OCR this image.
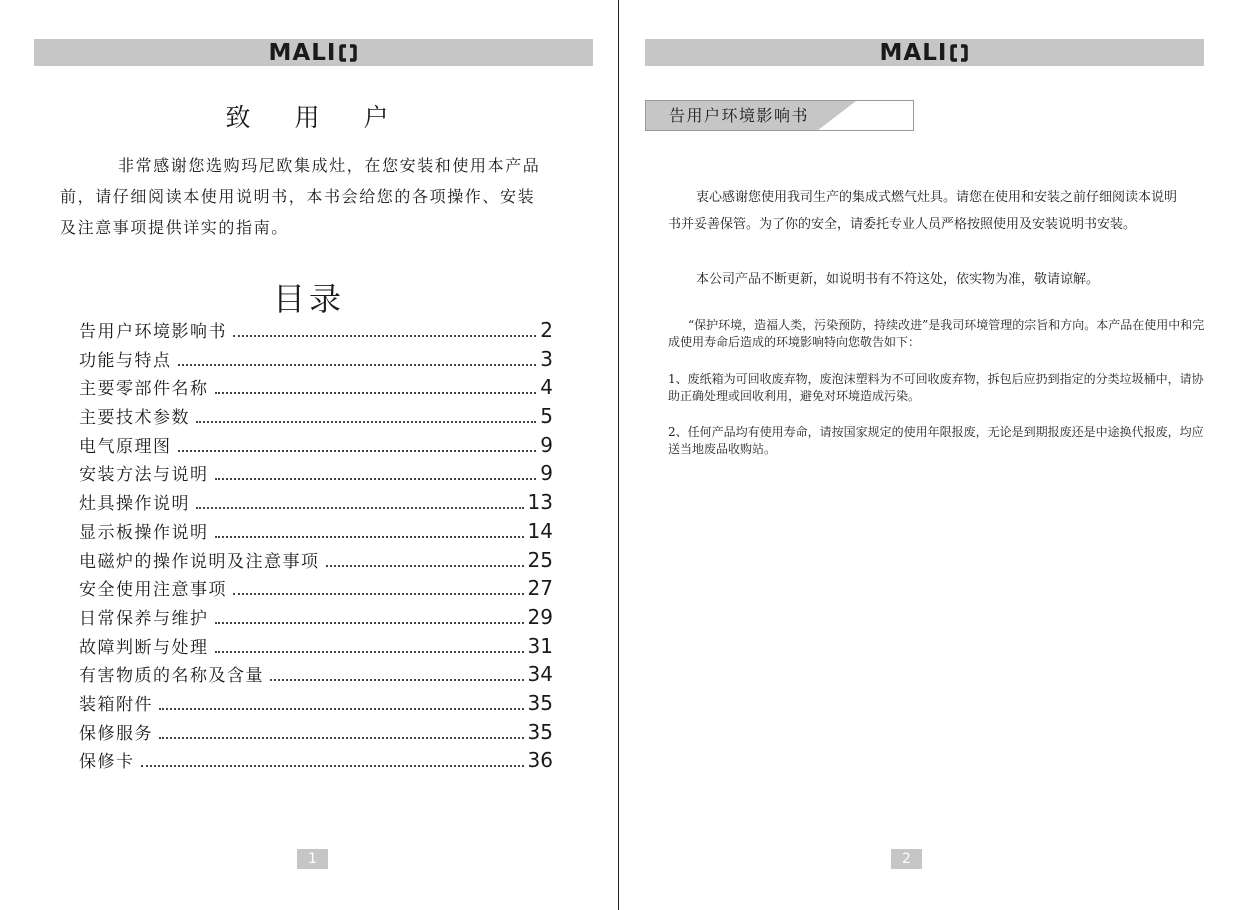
MALI
致 用 户
非常感谢您选购玛尼欧集成灶，在您安装和使用本产品前，请仔细阅读本使用说明书，本书会给您的各项操作、安装及注意事项提供详实的指南。
目录
告用户环境影响书	2
功能与特点	3
主要零部件名称	4
主要技术参数	5
电气原理图	9
安装方法与说明	9
灶具操作说明	13
显示板操作说明	14
电磁炉的操作说明及注意事项	25
安全使用注意事项	27
日常保养与维护	29
故障判断与处理	31
有害物质的名称及含量	34
装箱附件	35
保修服务	35
保修卡	36
1
MALI
告用户环境影响书
衷心感谢您使用我司生产的集成式燃气灶具。请您在使用和安装之前仔细阅读本说明书并妥善保管。为了你的安全，请委托专业人员严格按照使用及安装说明书安装。
本公司产品不断更新，如说明书有不符这处，依实物为准，敬请谅解。
“保护环境，造福人类，污染预防，持续改进”是我司环境管理的宗旨和方向。本产品在使用中和完成使用寿命后造成的环境影响特向您敬告如下：
1、废纸箱为可回收废弃物，废泡沫塑料为不可回收废弃物，拆包后应扔到指定的分类垃圾桶中，请协助正确处理或回收利用，避免对环境造成污染。
2、任何产品均有使用寿命，请按国家规定的使用年限报废，无论是到期报废还是中途换代报废，均应送当地废品收购站。
2
